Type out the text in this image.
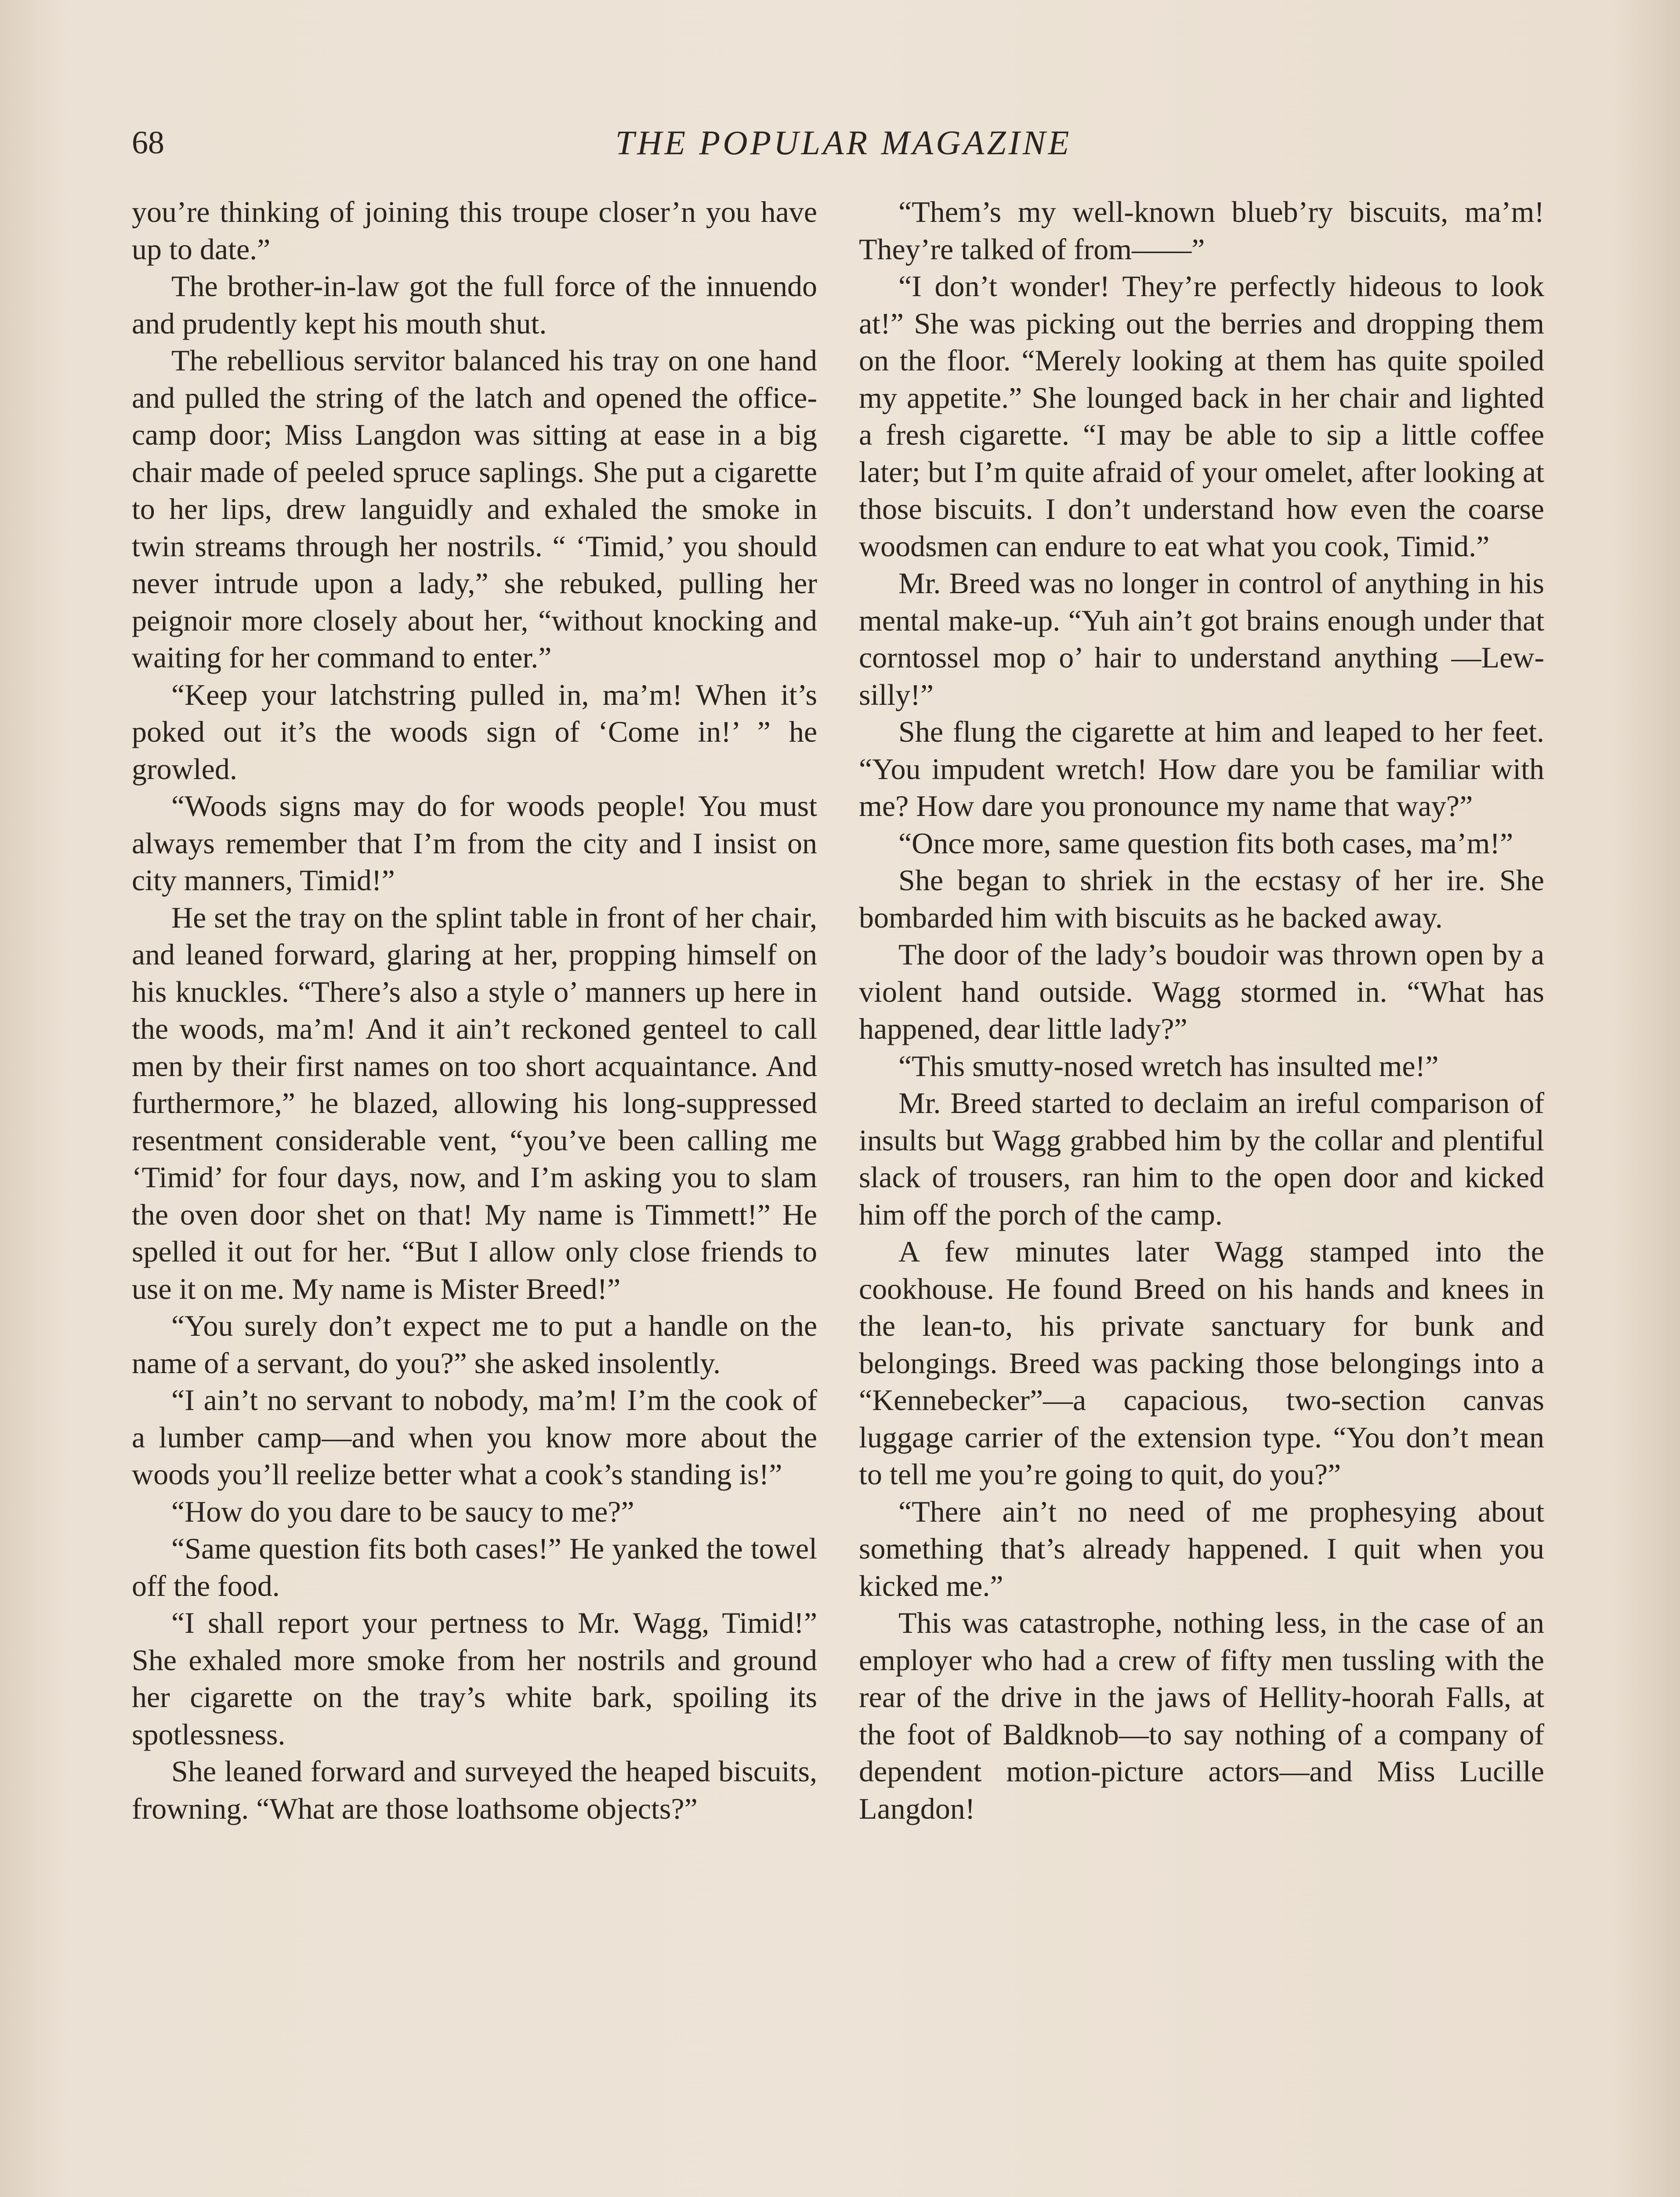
68	THE POPULAR MAGAZINE

you’re thinking of joining this troupe closer’n you have up to date.”

The brother-in-law got the full force of the innuendo and prudently kept his mouth shut.

The rebellious servitor balanced his tray on one hand and pulled the string of the latch and opened the office-camp door; Miss Langdon was sitting at ease in a big chair made of peeled spruce saplings. She put a cigarette to her lips, drew languidly and exhaled the smoke in twin streams through her nostrils. “ ‘Timid,’ you should never intrude upon a lady,” she rebuked, pulling her peignoir more closely about her, “without knocking and waiting for her command to enter.”

“Keep your latchstring pulled in, ma’m! When it’s poked out it’s the woods sign of ‘Come in!’ ” he growled.

“Woods signs may do for woods people! You must always remember that I’m from the city and I insist on city manners, Timid!”

He set the tray on the splint table in front of her chair, and leaned forward, glaring at her, propping himself on his knuckles. “There’s also a style o’ manners up here in the woods, ma’m! And it ain’t reckoned genteel to call men by their first names on too short acquaintance. And furthermore,” he blazed, allowing his long-suppressed resentment considerable vent, “you’ve been calling me ‘Timid’ for four days, now, and I’m asking you to slam the oven door shet on that! My name is Timmett!” He spelled it out for her. “But I allow only close friends to use it on me. My name is Mister Breed!”

“You surely don’t expect me to put a handle on the name of a servant, do you?” she asked insolently.

“I ain’t no servant to nobody, ma’m! I’m the cook of a lumber camp—and when you know more about the woods you’ll reelize better what a cook’s standing is!”

“How do you dare to be saucy to me?”

“Same question fits both cases!” He yanked the towel off the food.

“I shall report your pertness to Mr. Wagg, Timid!” She exhaled more smoke from her nostrils and ground her cigarette on the tray’s white bark, spoiling its spotlessness.

She leaned forward and surveyed the heaped biscuits, frowning. “What are those loathsome objects?”

“Them’s my well-known blueb’ry biscuits, ma’m! They’re talked of from——”

“I don’t wonder! They’re perfectly hideous to look at!” She was picking out the berries and dropping them on the floor. “Merely looking at them has quite spoiled my appetite.” She lounged back in her chair and lighted a fresh cigarette. “I may be able to sip a little coffee later; but I’m quite afraid of your omelet, after looking at those biscuits. I don’t understand how even the coarse woodsmen can endure to eat what you cook, Timid.”

Mr. Breed was no longer in control of anything in his mental make-up. “Yuh ain’t got brains enough under that corntossel mop o’ hair to understand anything —Lew-silly!”

She flung the cigarette at him and leaped to her feet. “You impudent wretch! How dare you be familiar with me? How dare you pronounce my name that way?”

“Once more, same question fits both cases, ma’m!”

She began to shriek in the ecstasy of her ire. She bombarded him with biscuits as he backed away.

The door of the lady’s boudoir was thrown open by a violent hand outside. Wagg stormed in. “What has happened, dear little lady?”

“This smutty-nosed wretch has insulted me!”

Mr. Breed started to declaim an ireful comparison of insults but Wagg grabbed him by the collar and plentiful slack of trousers, ran him to the open door and kicked him off the porch of the camp.

A few minutes later Wagg stamped into the cookhouse. He found Breed on his hands and knees in the lean-to, his private sanctuary for bunk and belongings. Breed was packing those belongings into a “Kennebecker”—a capacious, two-section canvas luggage carrier of the extension type. “You don’t mean to tell me you’re going to quit, do you?”

“There ain’t no need of me prophesying about something that’s already happened. I quit when you kicked me.”

This was catastrophe, nothing less, in the case of an employer who had a crew of fifty men tussling with the rear of the drive in the jaws of Hellity-hoorah Falls, at the foot of Baldknob—to say nothing of a company of dependent motion-picture actors—and Miss Lucille Langdon!
